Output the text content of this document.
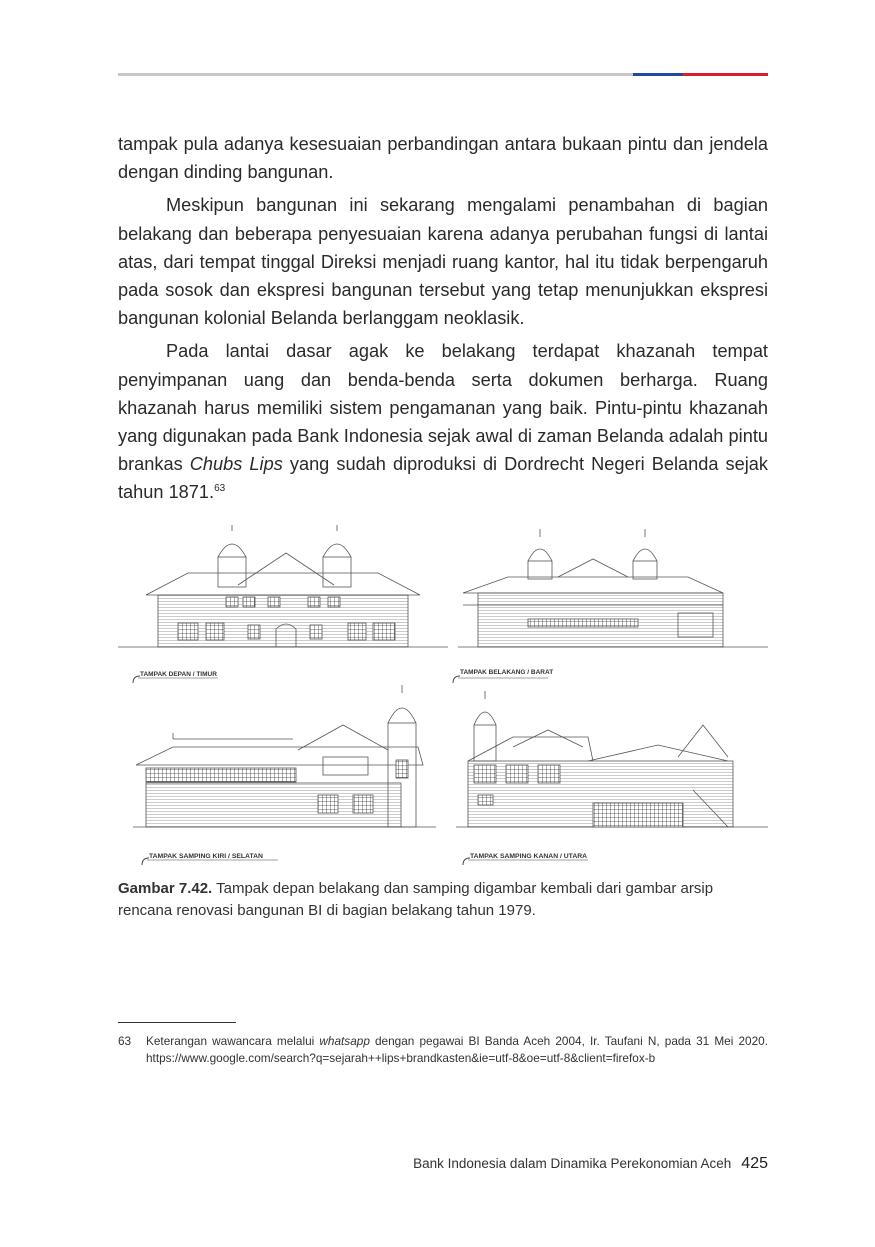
tampak pula adanya kesesuaian perbandingan antara bukaan pintu dan jendela dengan dinding bangunan.

Meskipun bangunan ini sekarang mengalami penambahan di bagian belakang dan beberapa penyesuaian karena adanya perubahan fungsi di lantai atas, dari tempat tinggal Direksi menjadi ruang kantor, hal itu tidak berpengaruh pada sosok dan ekspresi bangunan tersebut yang tetap menunjukkan ekspresi bangunan kolonial Belanda berlanggam neoklasik.

Pada lantai dasar agak ke belakang terdapat khazanah tempat penyimpanan uang dan benda-benda serta dokumen berharga. Ruang khazanah harus memiliki sistem pengamanan yang baik. Pintu-pintu khazanah yang digunakan pada Bank Indonesia sejak awal di zaman Belanda adalah pintu brankas Chubs Lips yang sudah diproduksi di Dordrecht Negeri Belanda sejak tahun 1871.63

TAMPAK DEPAN / TIMUR	TAMPAK BELAKANG / BARAT
TAMPAK SAMPING KIRI / SELATAN	TAMPAK SAMPING KANAN / UTARA
Gambar 7.42. Tampak depan belakang dan samping digambar kembali dari gambar arsip rencana renovasi bangunan BI di bagian belakang tahun 1979.
63	Keterangan wawancara melalui whatsapp dengan pegawai BI Banda Aceh 2004, Ir. Taufani N, pada 31 Mei 2020. https://www.google.com/search?q=sejarah++lips+brandkasten&ie=utf-8&oe=utf-8&client=firefox-b
Bank Indonesia dalam Dinamika Perekonomian Aceh 425
